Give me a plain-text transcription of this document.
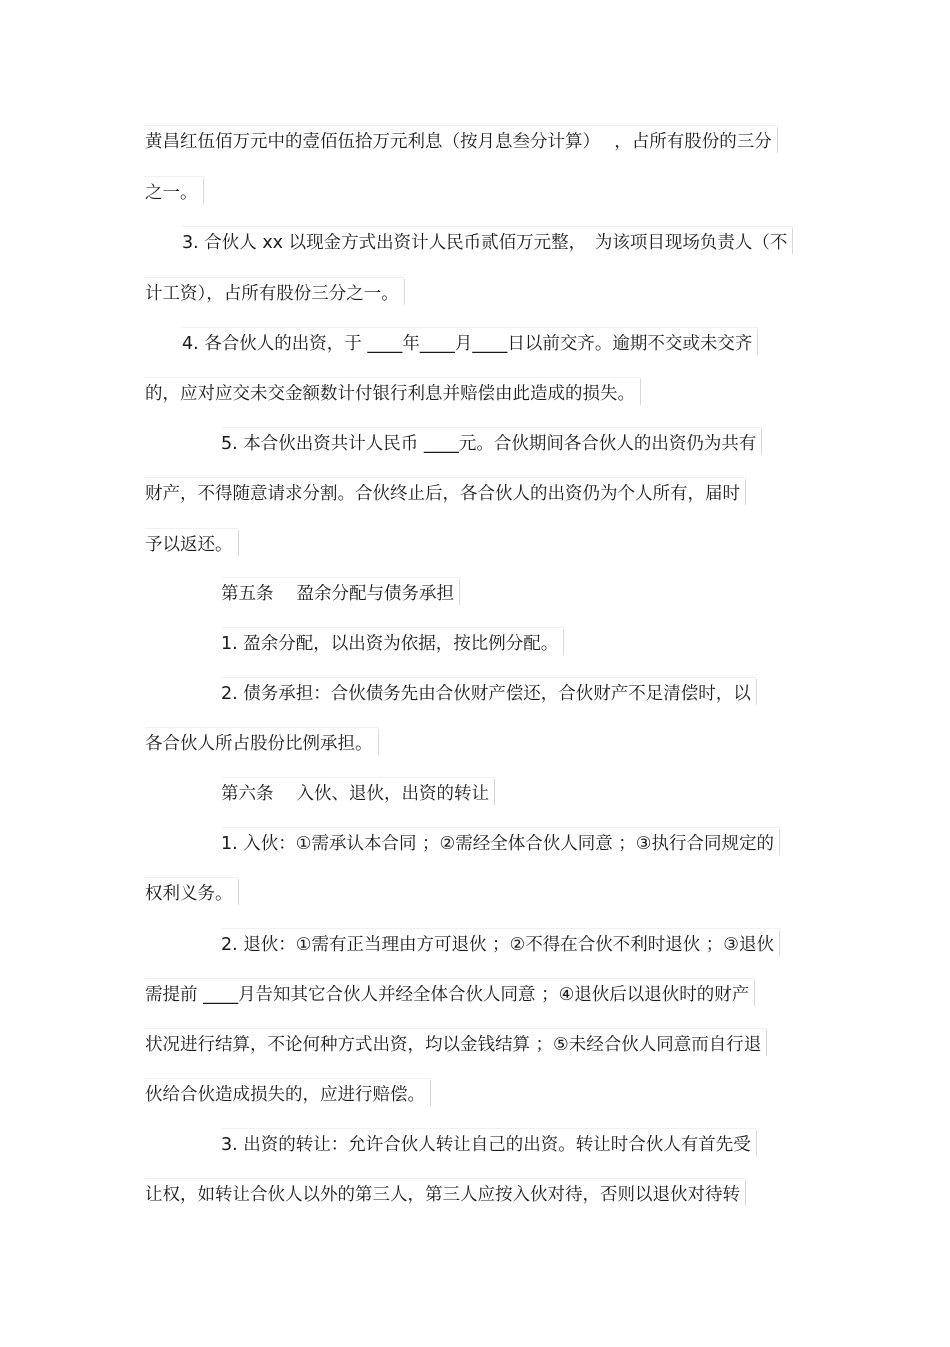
黄昌红伍佰万元中的壹佰伍拾万元利息（按月息叁分计算）　 ，占所有股份的三分
之一。
3. 合伙人 xx 以现金方式出资计人民币贰佰万元整，　为该项目现场负责人（不
计工资），占所有股份三分之一。
4. 各合伙人的出资，于 ____年____月____日以前交齐。逾期不交或未交齐
的，应对应交未交金额数计付银行利息并赔偿由此造成的损失。
5. 本合伙出资共计人民币 ____元。合伙期间各合伙人的出资仍为共有
财产，不得随意请求分割。合伙终止后，各合伙人的出资仍为个人所有，届时
予以返还。
第五条　 盈余分配与债务承担
1. 盈余分配，以出资为依据，按比例分配。
2. 债务承担：合伙债务先由合伙财产偿还，合伙财产不足清偿时，以
各合伙人所占股份比例承担。
第六条　 入伙、退伙，出资的转让
1. 入伙：①需承认本合同 ；②需经全体合伙人同意 ；③执行合同规定的
权利义务。
2. 退伙：①需有正当理由方可退伙 ；②不得在合伙不利时退伙 ；③退伙
需提前 ____月告知其它合伙人并经全体合伙人同意 ；④退伙后以退伙时的财产
状况进行结算，不论何种方式出资，均以金钱结算 ；⑤未经合伙人同意而自行退
伙给合伙造成损失的，应进行赔偿。
3. 出资的转让：允许合伙人转让自己的出资。转让时合伙人有首先受
让权，如转让合伙人以外的第三人，第三人应按入伙对待，否则以退伙对待转
